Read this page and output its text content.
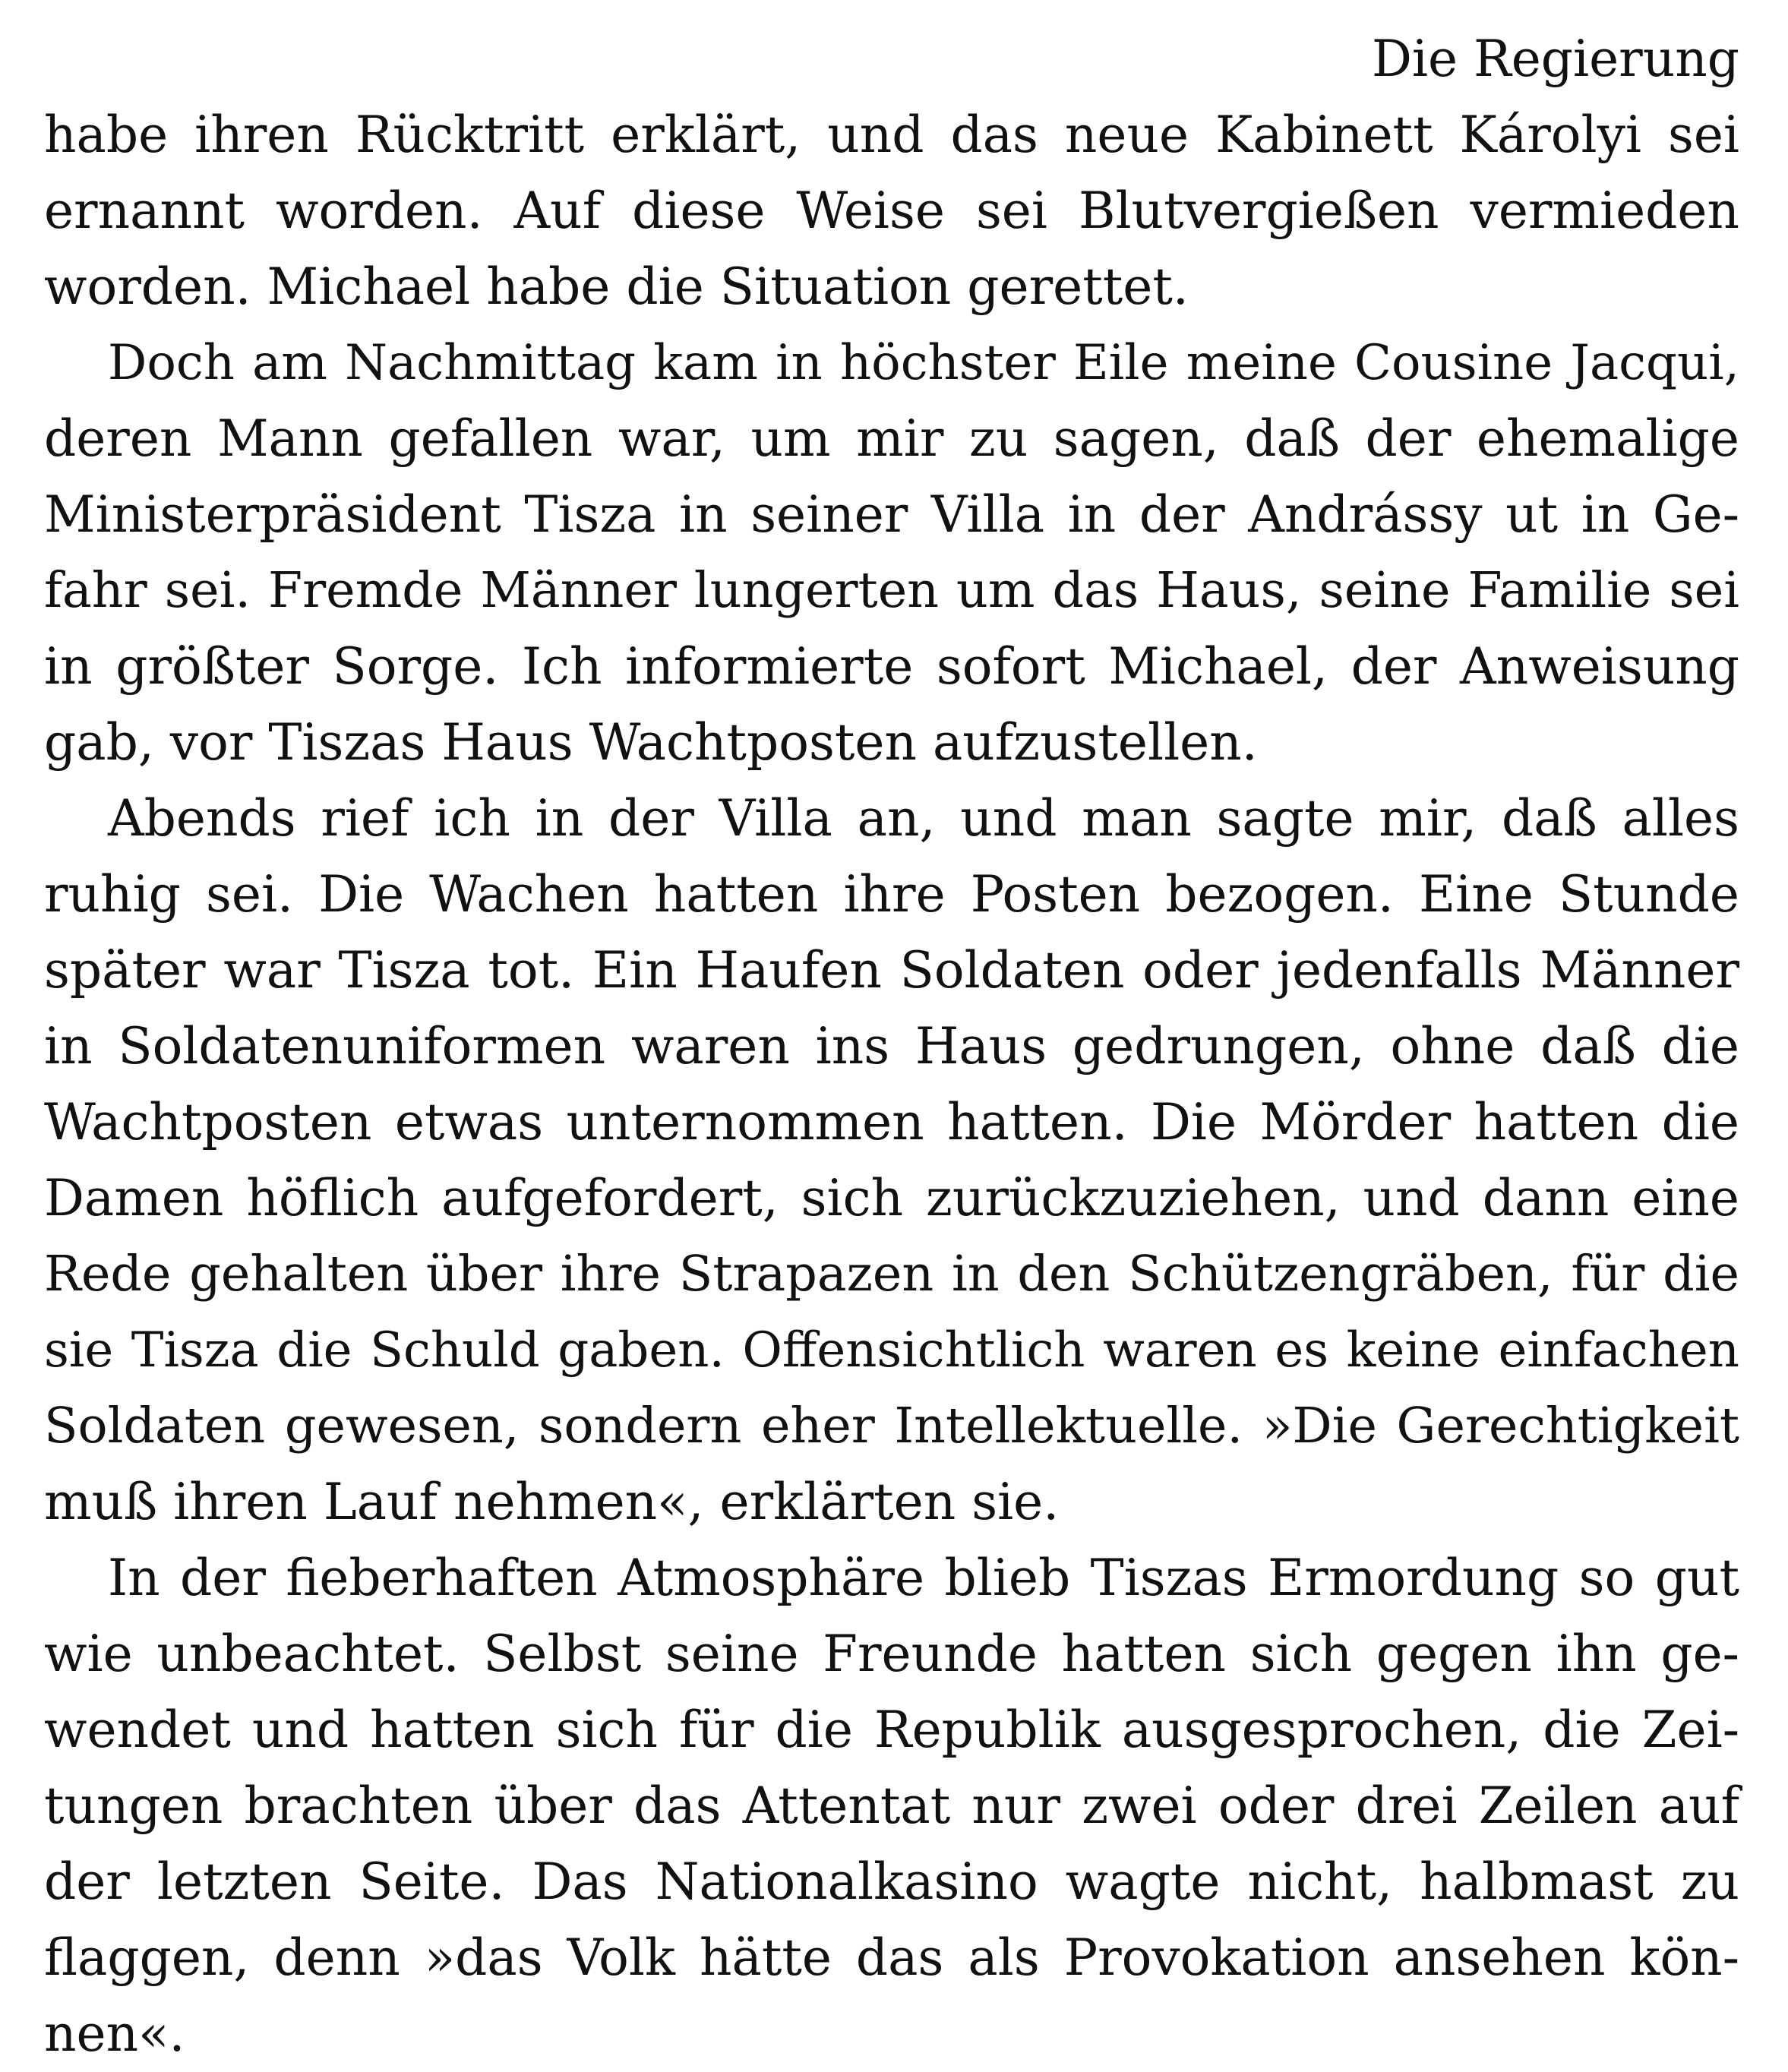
Die Regierung

habe ihren Rücktritt erklärt, und das neue Kabinett Károlyi sei

ernannt worden. Auf diese Weise sei Blutvergießen vermieden

worden. Michael habe die Situation gerettet.

Doch am Nachmittag kam in höchster Eile meine Cousine Jacqui,

deren Mann gefallen war, um mir zu sagen, daß der ehemalige

Ministerpräsident Tisza in seiner Villa in der Andrássy ut in Ge-

fahr sei. Fremde Männer lungerten um das Haus, seine Familie sei

in größter Sorge. Ich informierte sofort Michael, der Anweisung

gab, vor Tiszas Haus Wachtposten aufzustellen.

Abends rief ich in der Villa an, und man sagte mir, daß alles

ruhig sei. Die Wachen hatten ihre Posten bezogen. Eine Stunde

später war Tisza tot. Ein Haufen Soldaten oder jedenfalls Männer

in Soldatenuniformen waren ins Haus gedrungen, ohne daß die

Wachtposten etwas unternommen hatten. Die Mörder hatten die

Damen höflich aufgefordert, sich zurückzuziehen, und dann eine

Rede gehalten über ihre Strapazen in den Schützengräben, für die

sie Tisza die Schuld gaben. Offensichtlich waren es keine einfachen

Soldaten gewesen, sondern eher Intellektuelle. »Die Gerechtigkeit

muß ihren Lauf nehmen«, erklärten sie.

In der fieberhaften Atmosphäre blieb Tiszas Ermordung so gut

wie unbeachtet. Selbst seine Freunde hatten sich gegen ihn ge-

wendet und hatten sich für die Republik ausgesprochen, die Zei-

tungen brachten über das Attentat nur zwei oder drei Zeilen auf

der letzten Seite. Das Nationalkasino wagte nicht, halbmast zu

flaggen, denn »das Volk hätte das als Provokation ansehen kön-

nen«.
